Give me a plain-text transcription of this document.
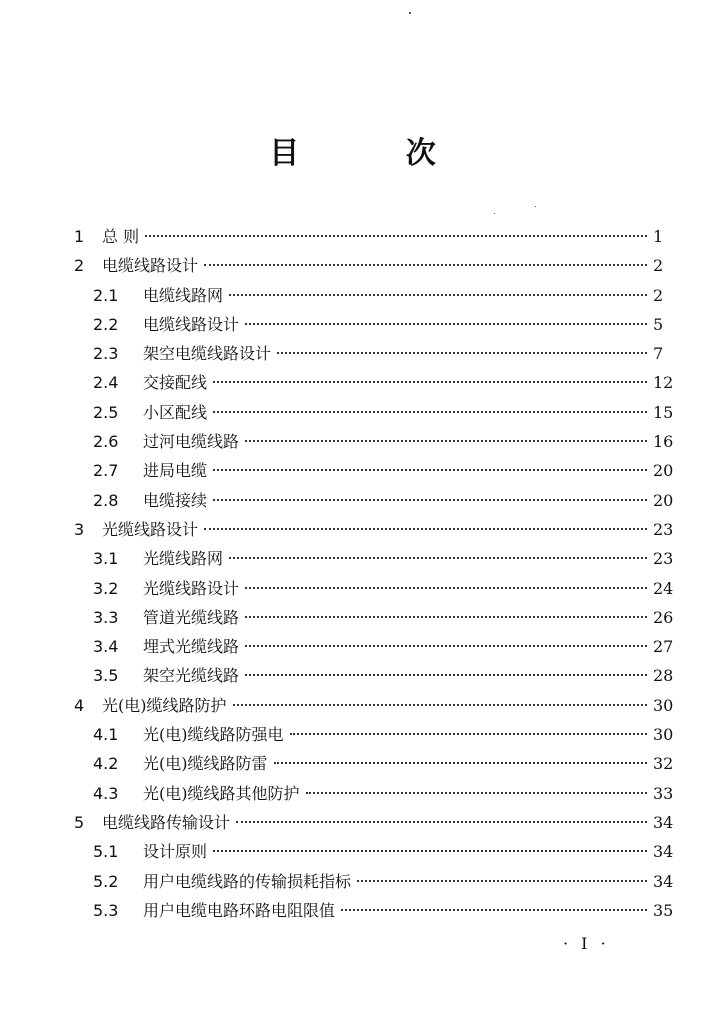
目 次
1	总 则	1
2	电缆线路设计	2
2.1	电缆线路网	2
2.2	电缆线路设计	5
2.3	架空电缆线路设计	7
2.4	交接配线	12
2.5	小区配线	15
2.6	过河电缆线路	16
2.7	进局电缆	20
2.8	电缆接续	20
3	光缆线路设计	23
3.1	光缆线路网	23
3.2	光缆线路设计	24
3.3	管道光缆线路	26
3.4	埋式光缆线路	27
3.5	架空光缆线路	28
4	光(电)缆线路防护	30
4.1	光(电)缆线路防强电	30
4.2	光(电)缆线路防雷	32
4.3	光(电)缆线路其他防护	33
5	电缆线路传输设计	34
5.1	设计原则	34
5.2	用户电缆线路的传输损耗指标	34
5.3	用户电缆电路环路电阻限值	35
· I ·
